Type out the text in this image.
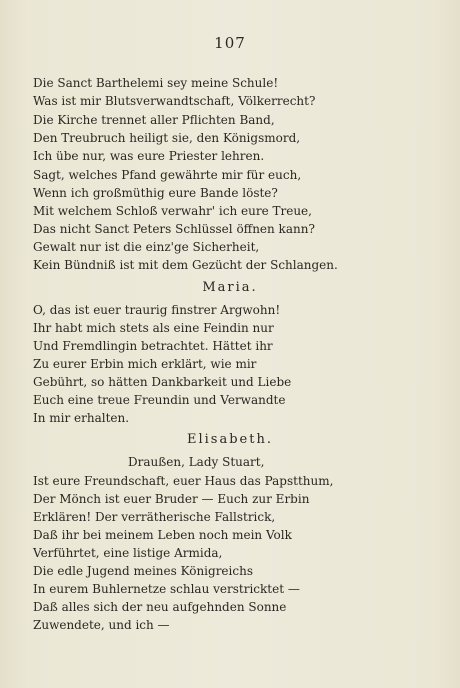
107
Die Sanct Barthelemi sey meine Schule!
Was ist mir Blutsverwandtschaft, Völkerrecht?
Die Kirche trennet aller Pflichten Band,
Den Treubruch heiligt sie, den Königsmord,
Ich übe nur, was eure Priester lehren.
Sagt, welches Pfand gewährte mir für euch,
Wenn ich großmüthig eure Bande löste?
Mit welchem Schloß verwahr' ich eure Treue,
Das nicht Sanct Peters Schlüssel öffnen kann?
Gewalt nur ist die einz'ge Sicherheit,
Kein Bündniß ist mit dem Gezücht der Schlangen.
Maria.
O, das ist euer traurig finstrer Argwohn!
Ihr habt mich stets als eine Feindin nur
Und Fremdlingin betrachtet. Hättet ihr
Zu eurer Erbin mich erklärt, wie mir
Gebührt, so hätten Dankbarkeit und Liebe
Euch eine treue Freundin und Verwandte
In mir erhalten.
Elisabeth.
Draußen, Lady Stuart,
Ist eure Freundschaft, euer Haus das Papstthum,
Der Mönch ist euer Bruder — Euch zur Erbin
Erklären! Der verrätherische Fallstrick,
Daß ihr bei meinem Leben noch mein Volk
Verführtet, eine listige Armida,
Die edle Jugend meines Königreichs
In eurem Buhlernetze schlau verstricktet —
Daß alles sich der neu aufgehnden Sonne
Zuwendete, und ich —
